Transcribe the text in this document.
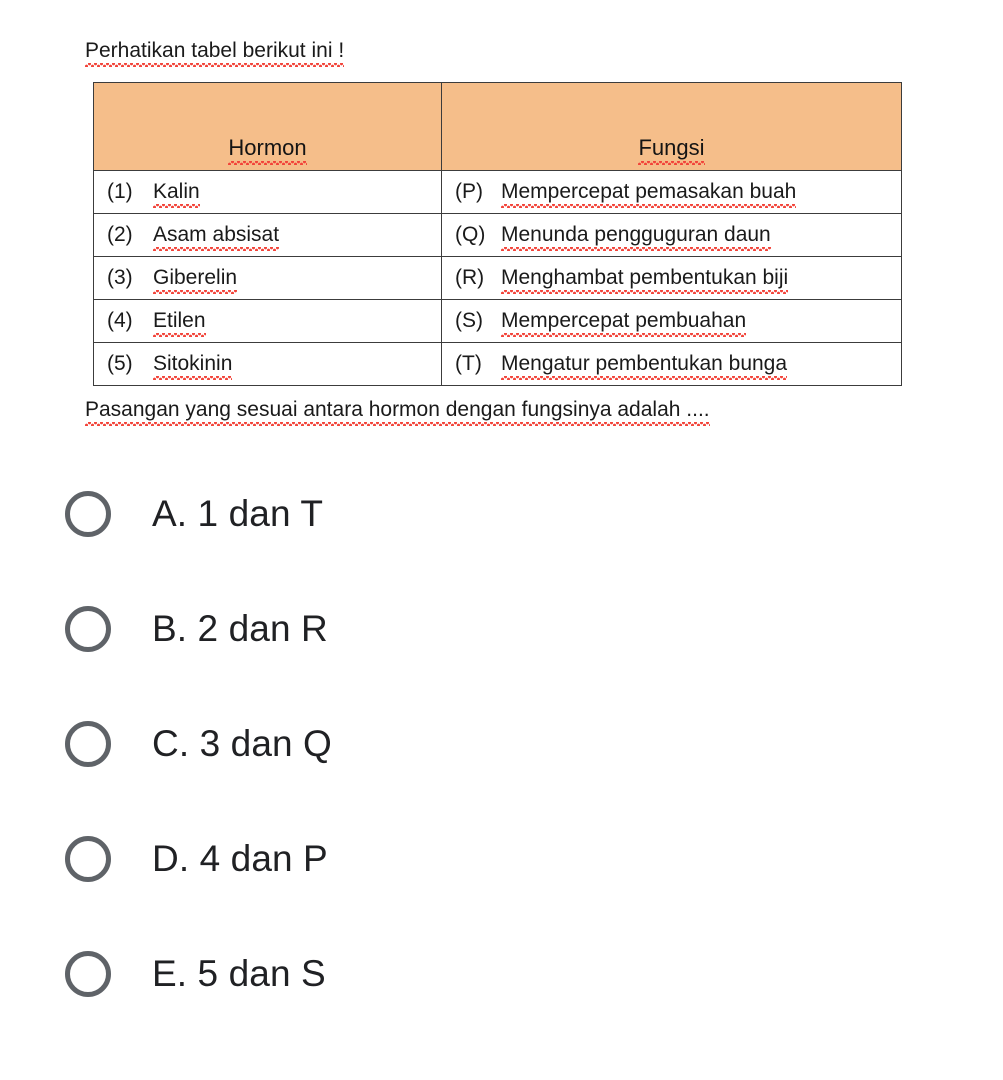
Perhatikan tabel berikut ini !
Hormon	Fungsi

(1) Kalin	(P) Mempercepat pemasakan buah

(2) Asam absisat	(Q) Menunda pengguguran daun

(3) Giberelin	(R) Menghambat pembentukan biji

(4) Etilen	(S) Mempercepat pembuahan

(5) Sitokinin	(T) Mengatur pembentukan bunga
Pasangan yang sesuai antara hormon dengan fungsinya adalah ....
A. 1 dan T
B. 2 dan R
C. 3 dan Q
D. 4 dan P
E. 5 dan S
